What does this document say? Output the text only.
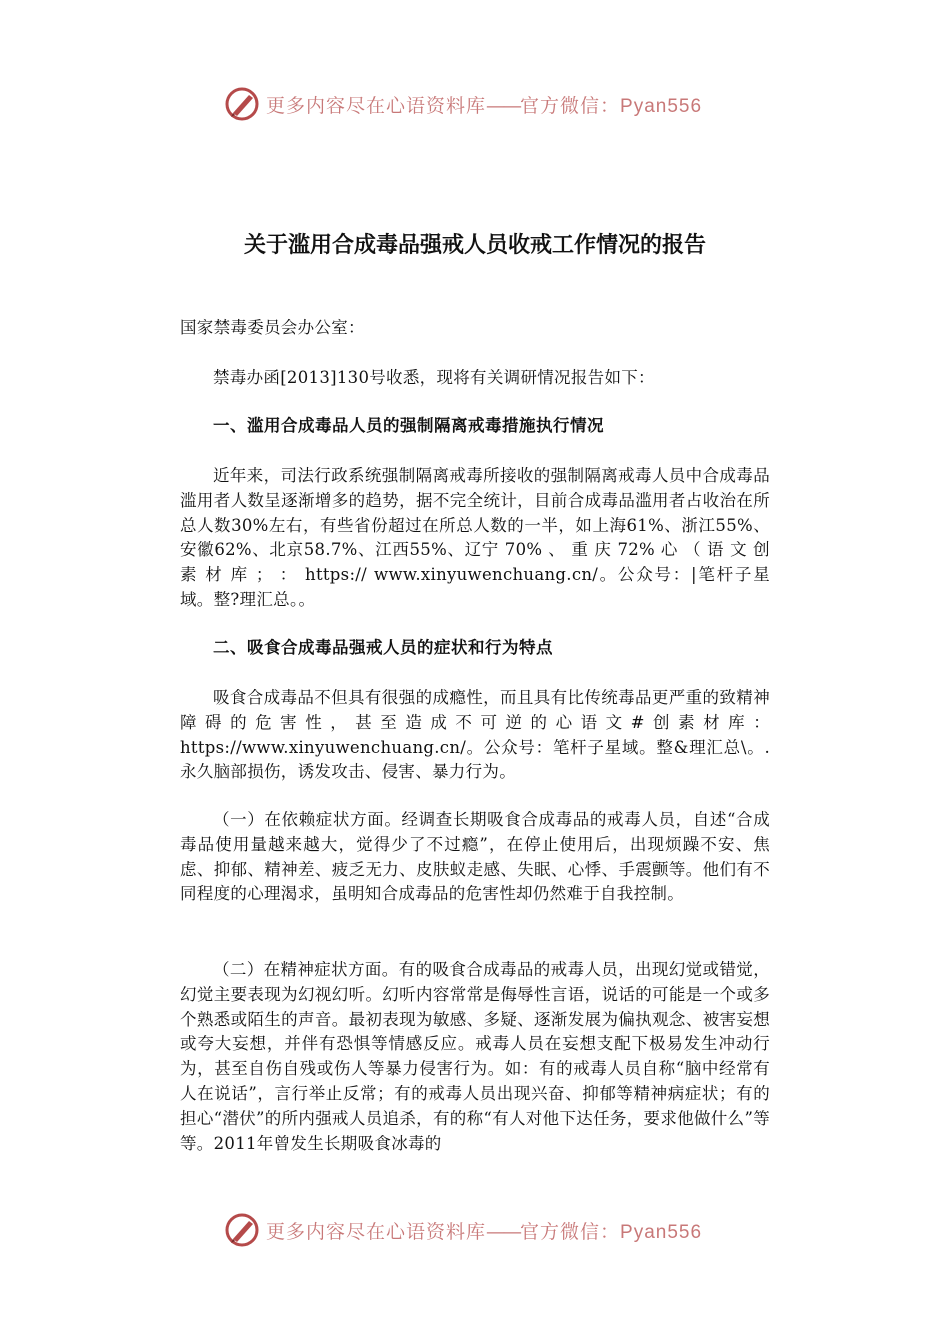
更多内容尽在心语资料库——官方微信：Pyan556
关于滥用合成毒品强戒人员收戒工作情况的报告
国家禁毒委员会办公室：
禁毒办函[2013]130号收悉，现将有关调研情况报告如下：
一、滥用合成毒品人员的强制隔离戒毒措施执行情况
近年来，司法行政系统强制隔离戒毒所接收的强制隔离戒毒人员中合成毒品滥用者人数呈逐渐增多的趋势，据不完全统计，目前合成毒品滥用者占收治在所总人数30%左右，有些省份超过在所总人数的一半，如上海61%、浙江55%、安徽62%、北京58.7%、江西55%、辽宁 70% 、 重 庆 72% 心 （ 语 文 创 素 材 库 ； ： https:// www.xinyuwenchuang.cn/。公众号：|笔杆子星域。整?理汇总。。
二、吸食合成毒品强戒人员的症状和行为特点
吸食合成毒品不但具有很强的成瘾性，而且具有比传统毒品更严重的致精神障碍的危害性，甚至造成不可逆的心语文#创素材库：https://www.xinyuwenchuang.cn/。公众号：笔杆子星域。整&理汇总\。.永久脑部损伤，诱发攻击、侵害、暴力行为。
（一）在依赖症状方面。经调查长期吸食合成毒品的戒毒人员，自述“合成毒品使用量越来越大，觉得少了不过瘾”，在停止使用后，出现烦躁不安、焦虑、抑郁、精神差、疲乏无力、皮肤蚁走感、失眠、心悸、手震颤等。他们有不同程度的心理渴求，虽明知合成毒品的危害性却仍然难于自我控制。
（二）在精神症状方面。有的吸食合成毒品的戒毒人员，出现幻觉或错觉，幻觉主要表现为幻视幻听。幻听内容常常是侮辱性言语，说话的可能是一个或多个熟悉或陌生的声音。最初表现为敏感、多疑、逐渐发展为偏执观念、被害妄想或夸大妄想，并伴有恐惧等情感反应。戒毒人员在妄想支配下极易发生冲动行为，甚至自伤自残或伤人等暴力侵害行为。如：有的戒毒人员自称“脑中经常有人在说话”，言行举止反常；有的戒毒人员出现兴奋、抑郁等精神病症状；有的担心“潜伏”的所内强戒人员追杀，有的称“有人对他下达任务，要求他做什么”等等。2011年曾发生长期吸食冰毒的
更多内容尽在心语资料库——官方微信：Pyan556
